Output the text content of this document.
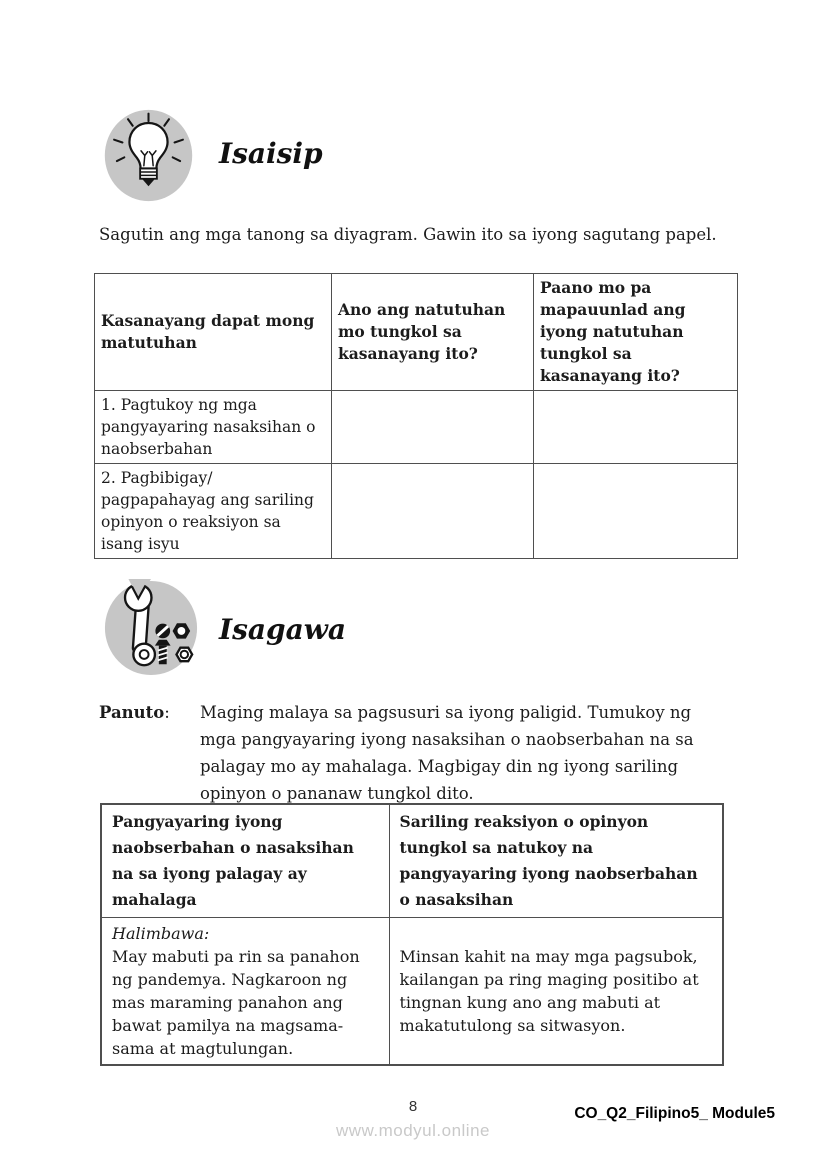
Isaisip

Sagutin ang mga tanong sa diyagram. Gawin ito sa iyong sagutang papel.

Kasanayang dapat mong matutuhan	Ano ang natutuhan mo tungkol sa kasanayang ito?	Paano mo pa mapauunlad ang iyong natutuhan tungkol sa kasanayang ito?
1. Pagtukoy ng mga pangyayaring nasaksihan o naobserbahan		
2. Pagbibigay/ pagpapahayag ang sariling opinyon o reaksiyon sa isang isyu		
Isagawa
Panuto:	Maging malaya sa pagsusuri sa iyong paligid. Tumukoy ng mga pangyayaring iyong nasaksihan o naobserbahan na sa palagay mo ay mahalaga. Magbigay din ng iyong sariling opinyon o pananaw tungkol dito.

Pangyayaring iyong naobserbahan o nasaksihan na sa iyong palagay ay mahalaga	Sariling reaksiyon o opinyon tungkol sa natukoy na pangyayaring iyong naobserbahan o nasaksihan

Halimbawa:
May mabuti pa rin sa panahon ng pandemya. Nagkaroon ng mas maraming panahon ang bawat pamilya na magsama-sama at magtulungan.	Minsan kahit na may mga pagsubok, kailangan pa ring maging positibo at tingnan kung ano ang mabuti at makatutulong sa sitwasyon.
8	CO_Q2_Filipino5_ Module5
www.modyul.online
